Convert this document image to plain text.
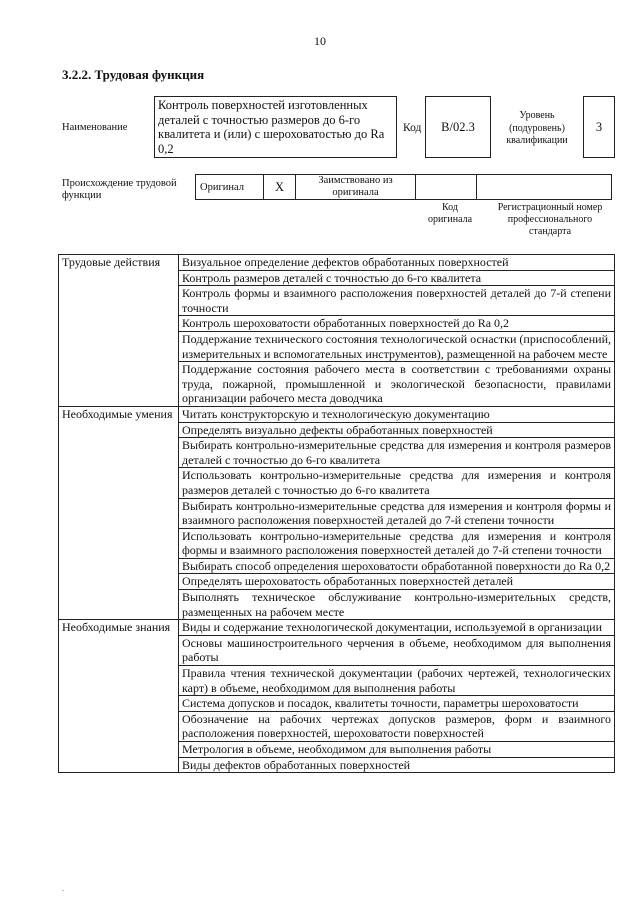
10
3.2.2. Трудовая функция
Наименование
Контроль поверхностей изготовленных деталей с точностью размеров до 6-го квалитета и (или) с шероховатостью до Ra 0,2
Код	B/02.3
Уровень (подуровень) квалификации
3
Происхождение трудовой функции
Оригинал	X	Заимствовано из оригинала		
Код оригинала
Регистрационный номер профессионального стандарта
Трудовые действия	Визуальное определение дефектов обработанных поверхностей
	Контроль размеров деталей с точностью до 6-го квалитета
	Контроль формы и взаимного расположения поверхностей деталей до 7-й степени точности
	Контроль шероховатости обработанных поверхностей до Ra 0,2
	Поддержание технического состояния технологической оснастки (приспособлений, измерительных и вспомогательных инструментов), размещенной на рабочем месте
	Поддержание состояния рабочего места в соответствии с требованиями охраны труда, пожарной, промышленной и экологической безопасности, правилами организации рабочего места доводчика
Необходимые умения	Читать конструкторскую и технологическую документацию
	Определять визуально дефекты обработанных поверхностей
	Выбирать контрольно-измерительные средства для измерения и контроля размеров деталей с точностью до 6-го квалитета
	Использовать контрольно-измерительные средства для измерения и контроля размеров деталей с точностью до 6-го квалитета
	Выбирать контрольно-измерительные средства для измерения и контроля формы и взаимного расположения поверхностей деталей до 7-й степени точности
	Использовать контрольно-измерительные средства для измерения и контроля формы и взаимного расположения поверхностей деталей до 7-й степени точности
	Выбирать способ определения шероховатости обработанной поверхности до Ra 0,2
	Определять шероховатость обработанных поверхностей деталей
	Выполнять техническое обслуживание контрольно-измерительных средств, размещенных на рабочем месте
Необходимые знания	Виды и содержание технологической документации, используемой в организации
	Основы машиностроительного черчения в объеме, необходимом для выполнения работы
	Правила чтения технической документации (рабочих чертежей, технологических карт) в объеме, необходимом для выполнения работы
	Система допусков и посадок, квалитеты точности, параметры шероховатости
	Обозначение на рабочих чертежах допусков размеров, форм и взаимного расположения поверхностей, шероховатости поверхностей
	Метрология в объеме, необходимом для выполнения работы
	Виды дефектов обработанных поверхностей
.
